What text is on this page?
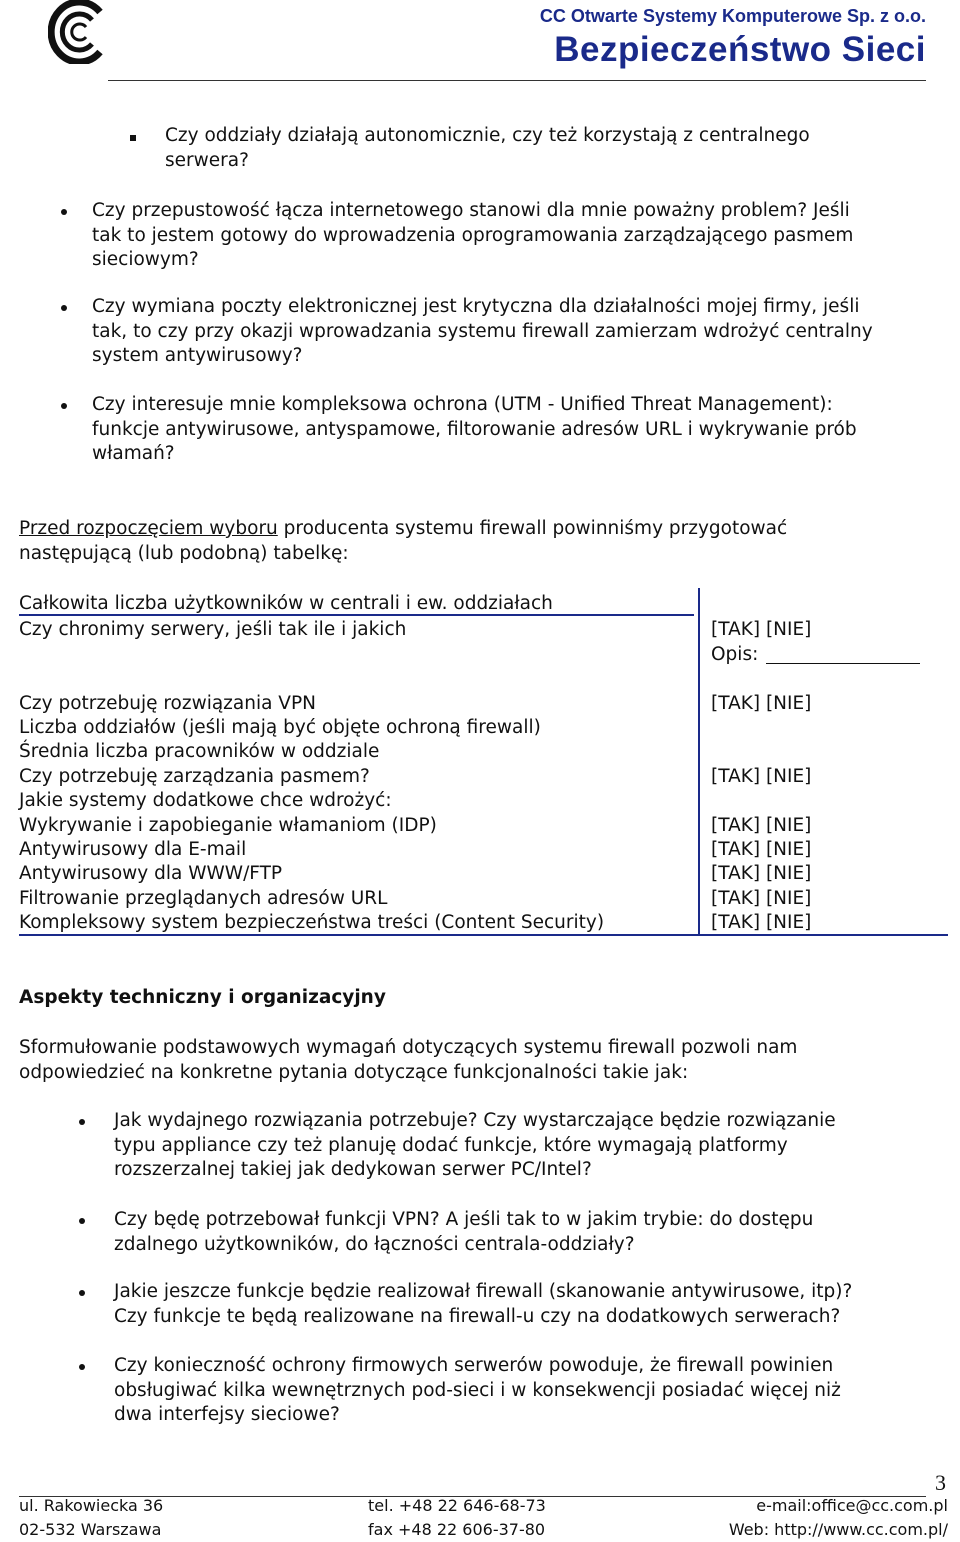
CC Otwarte Systemy Komputerowe Sp. z o.o.
Bezpieczeństwo Sieci
Czy oddziały działają autonomicznie, czy też korzystają z centralnego
serwera?
Czy przepustowość łącza internetowego stanowi dla mnie poważny problem? Jeśli
tak to jestem gotowy do wprowadzenia oprogramowania zarządzającego pasmem
sieciowym?
Czy wymiana poczty elektronicznej jest krytyczna dla działalności mojej firmy, jeśli
tak, to czy przy okazji wprowadzania systemu firewall zamierzam wdrożyć centralny
system antywirusowy?
Czy interesuje mnie kompleksowa ochrona (UTM - Unified Threat Management):
funkcje antywirusowe, antyspamowe, filtorowanie adresów URL i wykrywanie prób
włamań?
Przed rozpoczęciem wyboru producenta systemu firewall powinniśmy przygotować
następującą (lub podobną) tabelkę:
Całkowita liczba użytkowników w centrali i ew. oddziałach
Czy chronimy serwery, jeśli tak ile i jakich	[TAK] [NIE]
Opis:
Czy potrzebuję rozwiązania VPN	[TAK] [NIE]
Liczba oddziałów (jeśli mają być objęte ochroną firewall)
Średnia liczba pracowników w oddziale
Czy potrzebuję zarządzania pasmem?	[TAK] [NIE]
Jakie systemy dodatkowe chce wdrożyć:
Wykrywanie i zapobieganie włamaniom (IDP)	[TAK] [NIE]
Antywirusowy dla E-mail	[TAK] [NIE]
Antywirusowy dla WWW/FTP	[TAK] [NIE]
Filtrowanie przeglądanych adresów URL	[TAK] [NIE]
Kompleksowy system bezpieczeństwa treści (Content Security)	[TAK] [NIE]
Aspekty techniczny i organizacyjny
Sformułowanie podstawowych wymagań dotyczących systemu firewall pozwoli nam
odpowiedzieć na konkretne pytania dotyczące funkcjonalności takie jak:
Jak wydajnego rozwiązania potrzebuje? Czy wystarczające będzie rozwiązanie
typu appliance czy też planuję dodać funkcje, które wymagają platformy
rozszerzalnej takiej jak dedykowan serwer PC/Intel?
Czy będę potrzebował funkcji VPN? A jeśli tak to w jakim trybie: do dostępu
zdalnego użytkowników, do łączności centrala-oddziały?
Jakie jeszcze funkcje będzie realizował firewall (skanowanie antywirusowe, itp)?
Czy funkcje te będą realizowane na firewall-u czy na dodatkowych serwerach?
Czy konieczność ochrony firmowych serwerów powoduje, że firewall powinien
obsługiwać kilka wewnętrznych pod-sieci i w konsekwencji posiadać więcej niż
dwa interfejsy sieciowe?
3
ul. Rakowiecka 36
02-532 Warszawa
tel. +48 22 646-68-73
fax +48 22 606-37-80
e-mail:office@cc.com.pl
Web: http://www.cc.com.pl/
